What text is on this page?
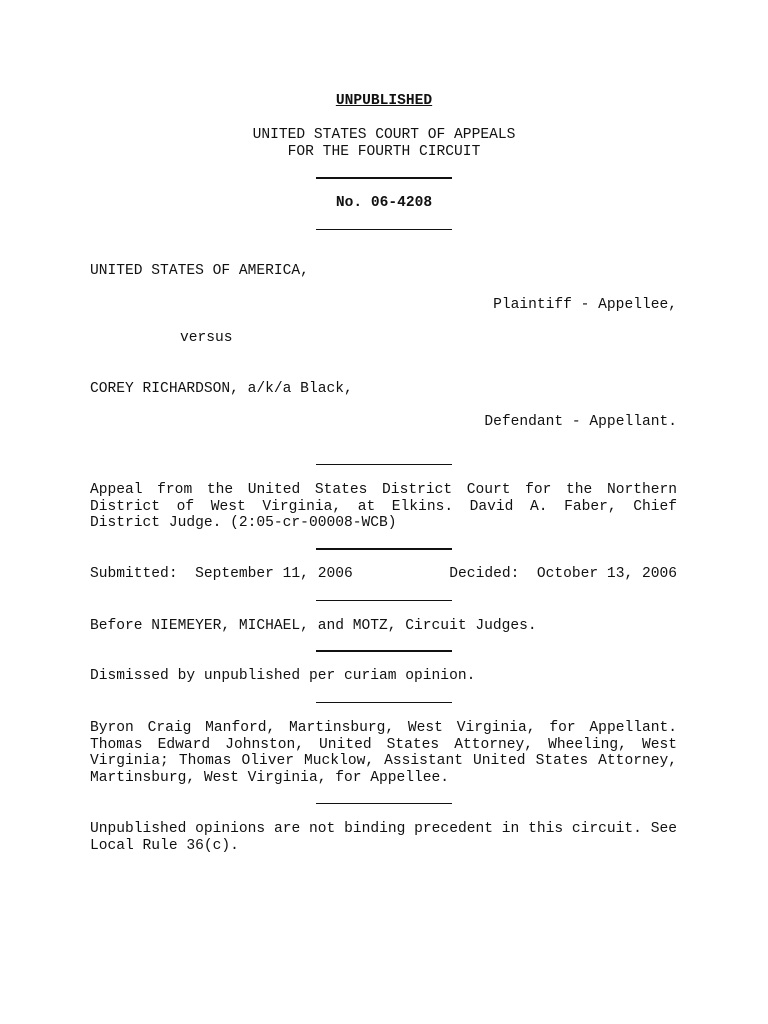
UNPUBLISHED
UNITED STATES COURT OF APPEALS
FOR THE FOURTH CIRCUIT
No. 06-4208
UNITED STATES OF AMERICA,
Plaintiff - Appellee,
versus
COREY RICHARDSON, a/k/a Black,
Defendant - Appellant.
Appeal from the United States District Court for the Northern District of West Virginia, at Elkins. David A. Faber, Chief District Judge. (2:05-cr-00008-WCB)
Submitted:  September 11, 2006	Decided:  October 13, 2006
Before NIEMEYER, MICHAEL, and MOTZ, Circuit Judges.
Dismissed by unpublished per curiam opinion.
Byron Craig Manford, Martinsburg, West Virginia, for Appellant. Thomas Edward Johnston, United States Attorney, Wheeling, West Virginia; Thomas Oliver Mucklow, Assistant United States Attorney, Martinsburg, West Virginia, for Appellee.
Unpublished opinions are not binding precedent in this circuit. See Local Rule 36(c).
